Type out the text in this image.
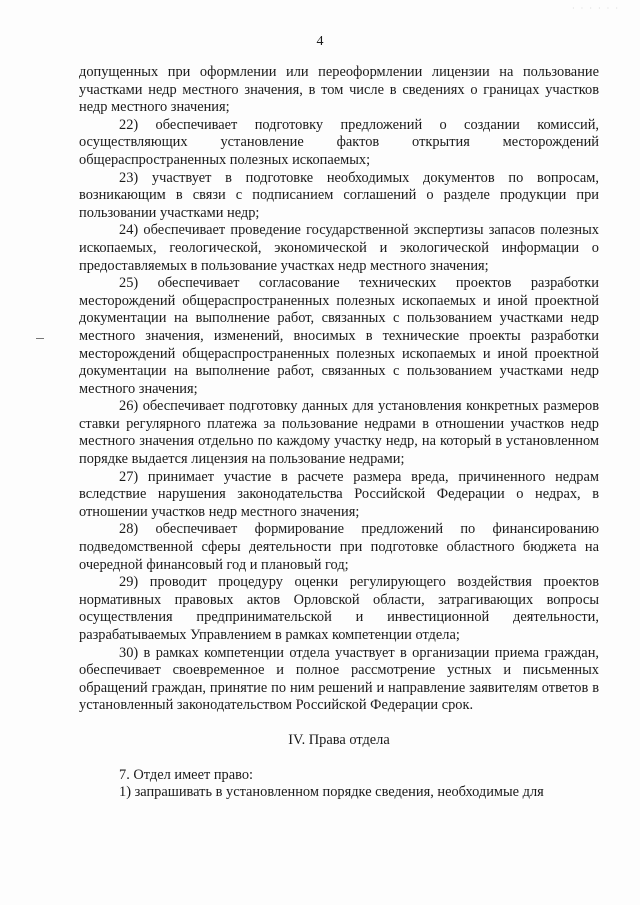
· · · · · ·
4

допущенных при оформлении или переоформлении лицензии на пользование участками недр местного значения, в том числе в сведениях о границах участков недр местного значения;

22) обеспечивает подготовку предложений о создании комиссий, осуществляющих установление фактов открытия месторождений общераспространенных полезных ископаемых;

23) участвует в подготовке необходимых документов по вопросам, возникающим в связи с подписанием соглашений о разделе продукции при пользовании участками недр;

24) обеспечивает проведение государственной экспертизы запасов полезных ископаемых, геологической, экономической и экологической информации о предоставляемых в пользование участках недр местного значения;

25) обеспечивает согласование технических проектов разработки месторождений общераспространенных полезных ископаемых и иной проектной документации на выполнение работ, связанных с пользованием участками недр местного значения, изменений, вносимых в технические проекты разработки месторождений общераспространенных полезных ископаемых и иной проектной документации на выполнение работ, связанных с пользованием участками недр местного значения;

26) обеспечивает подготовку данных для установления конкретных размеров ставки регулярного платежа за пользование недрами в отношении участков недр местного значения отдельно по каждому участку недр, на который в установленном порядке выдается лицензия на пользование недрами;

27) принимает участие в расчете размера вреда, причиненного недрам вследствие нарушения законодательства Российской Федерации о недрах, в отношении участков недр местного значения;

28) обеспечивает формирование предложений по финансированию подведомственной сферы деятельности при подготовке областного бюджета на очередной финансовый год и плановый год;

29) проводит процедуру оценки регулирующего воздействия проектов нормативных правовых актов Орловской области, затрагивающих вопросы осуществления предпринимательской и инвестиционной деятельности, разрабатываемых Управлением в рамках компетенции отдела;

30) в рамках компетенции отдела участвует в организации приема граждан, обеспечивает своевременное и полное рассмотрение устных и письменных обращений граждан, принятие по ним решений и направление заявителям ответов в установленный законодательством Российской Федерации срок.

IV. Права отдела

7. Отдел имеет право:

1) запрашивать в установленном порядке сведения, необходимые для
